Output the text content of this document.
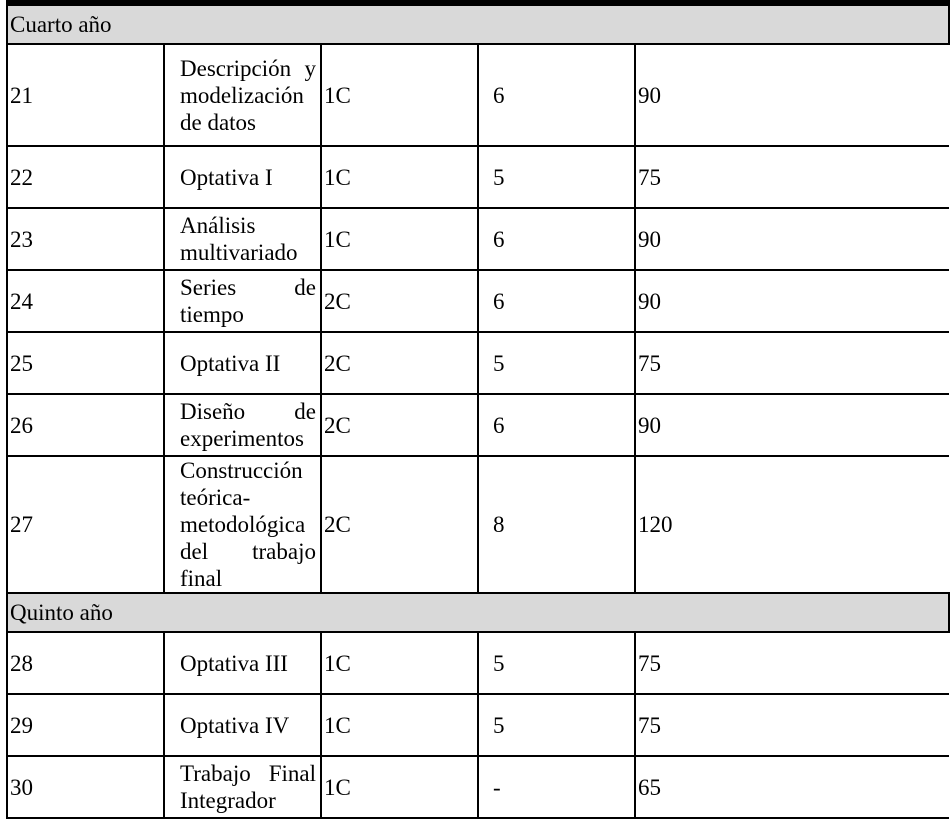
Cuarto año				
21	Descripción y modelización de datos	1C	6	90
22	Optativa I	1C	5	75
23	Análisis multivariado	1C	6	90
24	Series de tiempo	2C	6	90
25	Optativa II	2C	5	75
26	Diseño de experimentos	2C	6	90
27	Construcción teórica-metodológica del trabajo final	2C	8	120
Quinto año				
28	Optativa III	1C	5	75
29	Optativa IV	1C	5	75
30	Trabajo Final Integrador	1C	-	65
